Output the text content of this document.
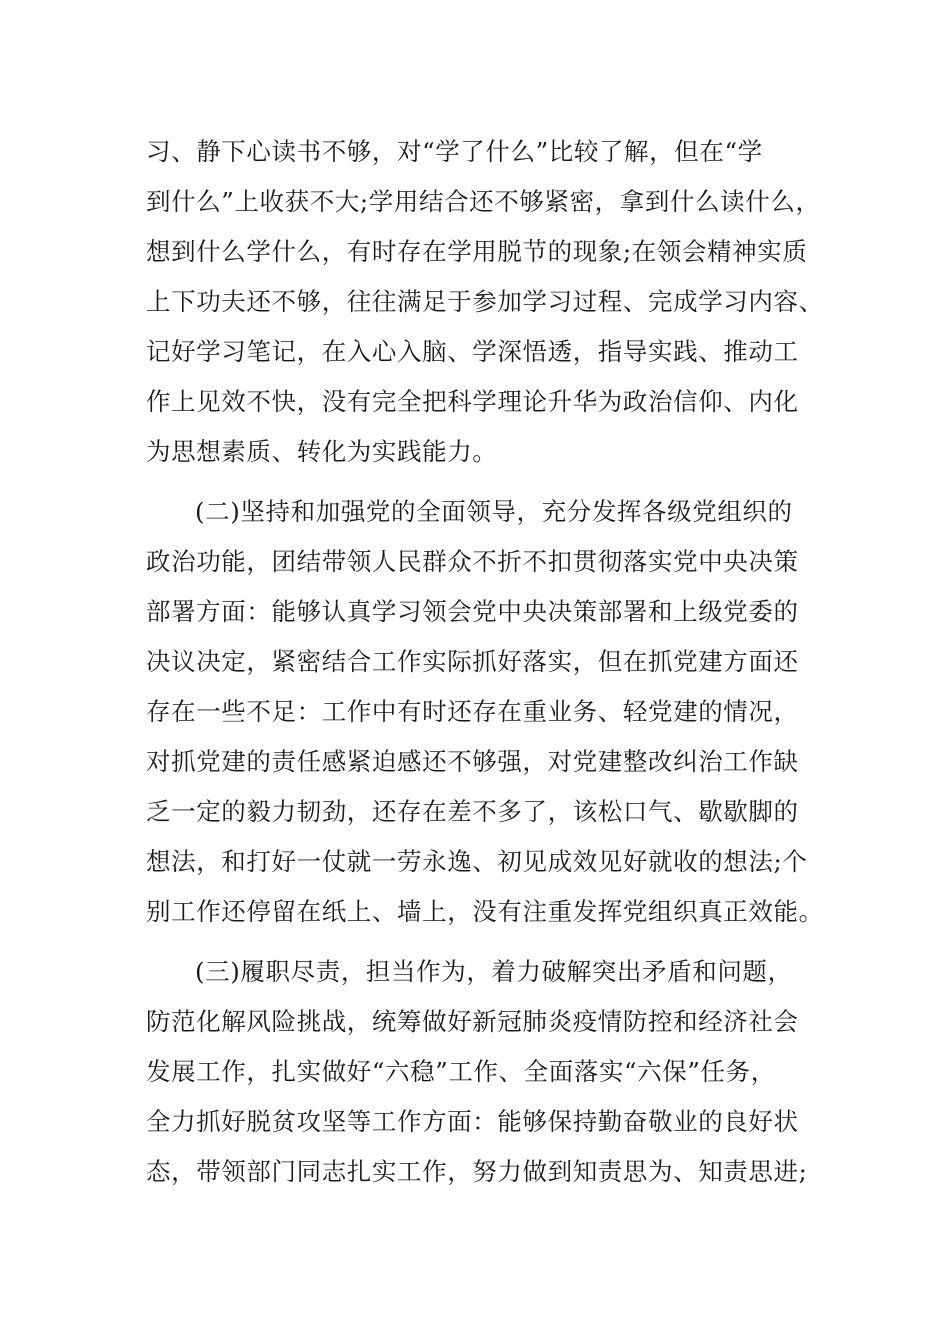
习、静下心读书不够，对“学了什么”比较了解，但在“学
到什么”上收获不大;学用结合还不够紧密，拿到什么读什么，
想到什么学什么，有时存在学用脱节的现象;在领会精神实质
上下功夫还不够，往往满足于参加学习过程、完成学习内容、
记好学习笔记，在入心入脑、学深悟透，指导实践、推动工
作上见效不快，没有完全把科学理论升华为政治信仰、内化
为思想素质、转化为实践能力。
(二)坚持和加强党的全面领导，充分发挥各级党组织的
政治功能，团结带领人民群众不折不扣贯彻落实党中央决策
部署方面：能够认真学习领会党中央决策部署和上级党委的
决议决定，紧密结合工作实际抓好落实，但在抓党建方面还
存在一些不足：工作中有时还存在重业务、轻党建的情况，
对抓党建的责任感紧迫感还不够强，对党建整改纠治工作缺
乏一定的毅力韧劲，还存在差不多了，该松口气、歇歇脚的
想法，和打好一仗就一劳永逸、初见成效见好就收的想法;个
别工作还停留在纸上、墙上，没有注重发挥党组织真正效能。
(三)履职尽责，担当作为，着力破解突出矛盾和问题，
防范化解风险挑战，统筹做好新冠肺炎疫情防控和经济社会
发展工作，扎实做好“六稳”工作、全面落实“六保”任务，
全力抓好脱贫攻坚等工作方面：能够保持勤奋敬业的良好状
态，带领部门同志扎实工作，努力做到知责思为、知责思进;
